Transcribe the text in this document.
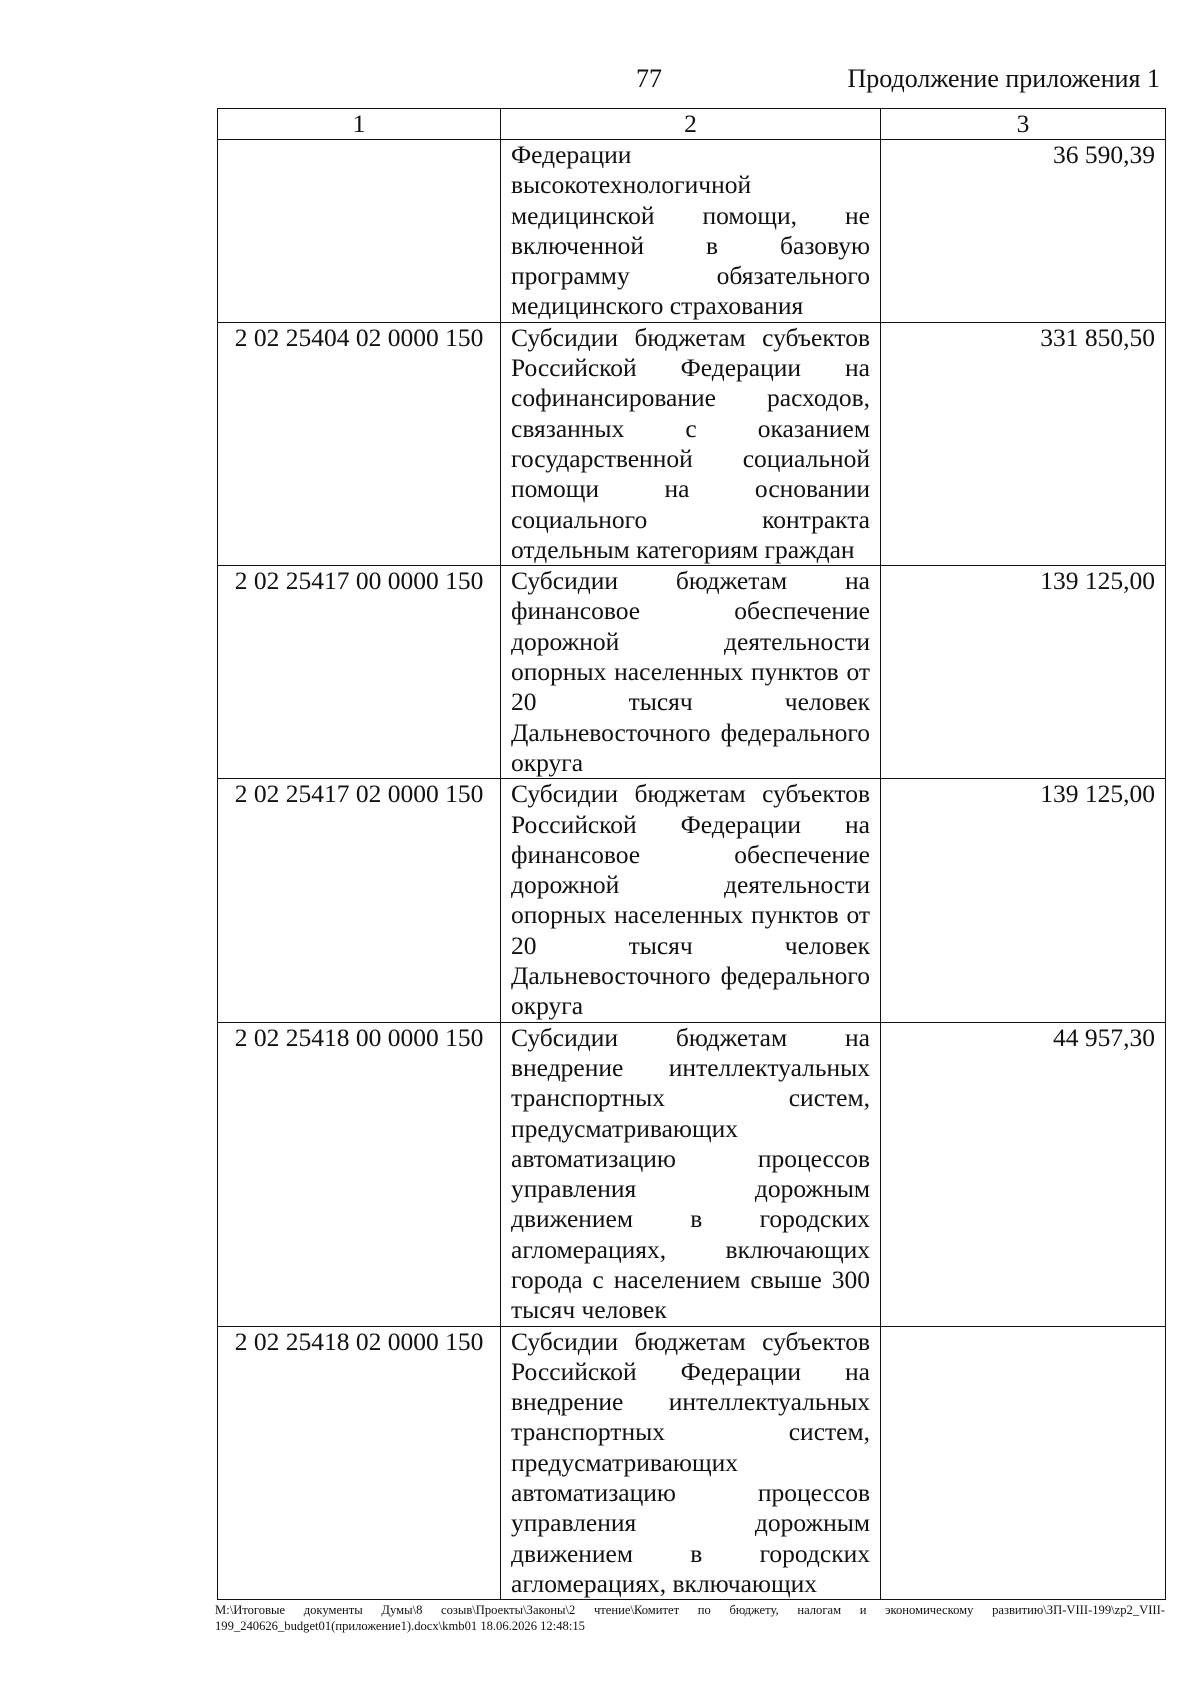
77	Продолжение приложения 1
1	2	3
	Федерации высокотехнологичной медицинской помощи, не включенной в базовую программу обязательного медицинского страхования	36 590,39
2 02 25404 02 0000 150	Субсидии бюджетам субъектов Российской Федерации на софинансирование расходов, связанных с оказанием государственной социальной помощи на основании социального контракта отдельным категориям граждан	331 850,50
2 02 25417 00 0000 150	Субсидии бюджетам на финансовое обеспечение дорожной деятельности опорных населенных пунктов от 20 тысяч человек Дальневосточного федерального округа	139 125,00
2 02 25417 02 0000 150	Субсидии бюджетам субъектов Российской Федерации на финансовое обеспечение дорожной деятельности опорных населенных пунктов от 20 тысяч человек Дальневосточного федерального округа	139 125,00
2 02 25418 00 0000 150	Субсидии бюджетам на внедрение интеллектуальных транспортных систем, предусматривающих автоматизацию процессов управления дорожным движением в городских агломерациях, включающих города с населением свыше 300 тысяч человек	44 957,30
2 02 25418 02 0000 150	Субсидии бюджетам субъектов Российской Федерации на внедрение интеллектуальных транспортных систем, предусматривающих автоматизацию процессов управления дорожным движением в городских агломерациях, включающих	
M:\Итоговые документы Думы\8 созыв\Проекты\Законы\2 чтение\Комитет по бюджету, налогам и экономическому развитию\ЗП-VIII-199\zp2_VIII-199_240626_budget01(приложение1).docx\kmb01 18.06.2026 12:48:15
